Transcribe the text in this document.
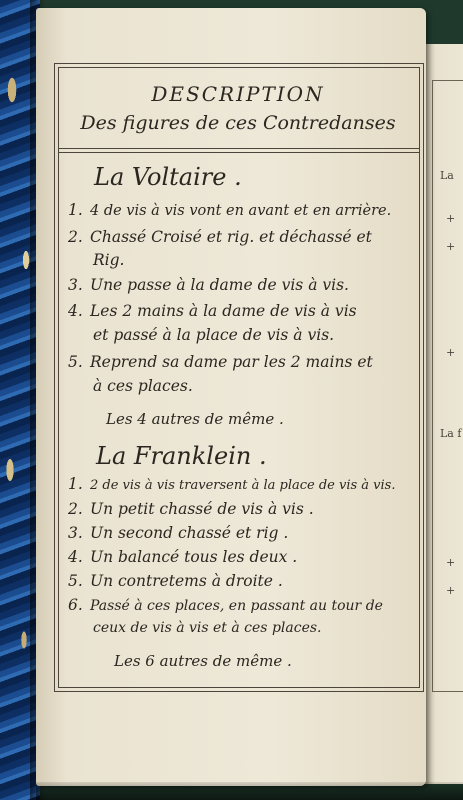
La
+
+
+
La f
+
+
DESCRIPTION
Des figures de ces Contredanses
La Voltaire .
1. 4 de vis à vis vont en avant et en arrière.
2. Chassé Croisé et rig. et déchassé et
Rig.
3. Une passe à la dame de vis à vis.
4. Les 2 mains à la dame de vis à vis
et passé à la place de vis à vis.
5. Reprend sa dame par les 2 mains et
à ces places.
Les 4 autres de même .
La Franklein .
1. 2 de vis à vis traversent à la place de vis à vis.
2. Un petit chassé de vis à vis .
3. Un second chassé et rig .
4. Un balancé tous les deux .
5. Un contretems à droite .
6. Passé à ces places, en passant au tour de
ceux de vis à vis et à ces places.
Les 6 autres de même .
